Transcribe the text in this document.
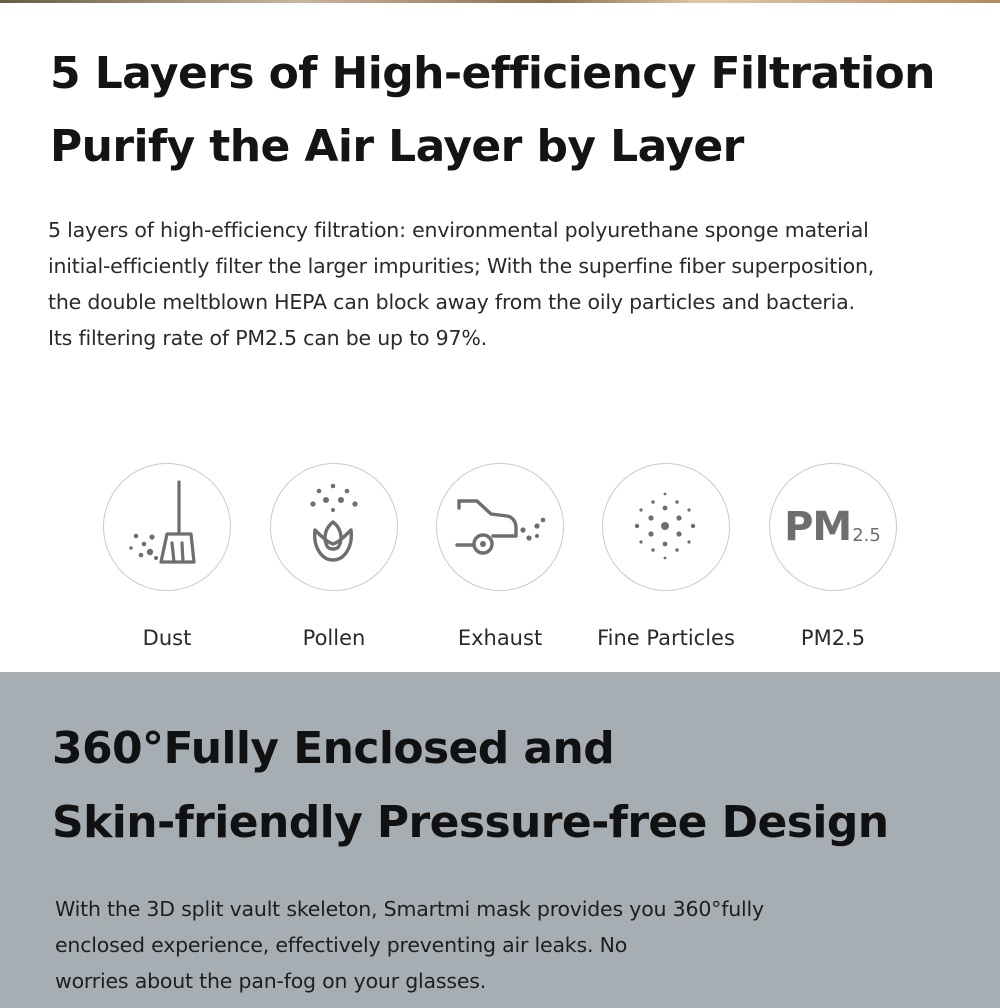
5 Layers of High-efficiency Filtration
Purify the Air Layer by Layer
5 layers of high-efficiency filtration: environmental polyurethane sponge material
initial-efficiently filter the larger impurities; With the superfine fiber superposition,
the double meltblown HEPA can block away from the oily particles and bacteria.
Its filtering rate of PM2.5 can be up to 97%.
Dust	Pollen	Exhaust	Fine Particles
PM 2.5
PM2.5
360°Fully Enclosed and
Skin-friendly Pressure-free Design
With the 3D split vault skeleton, Smartmi mask provides you 360°fully
enclosed experience, effectively preventing air leaks. No
worries about the pan-fog on your glasses.
